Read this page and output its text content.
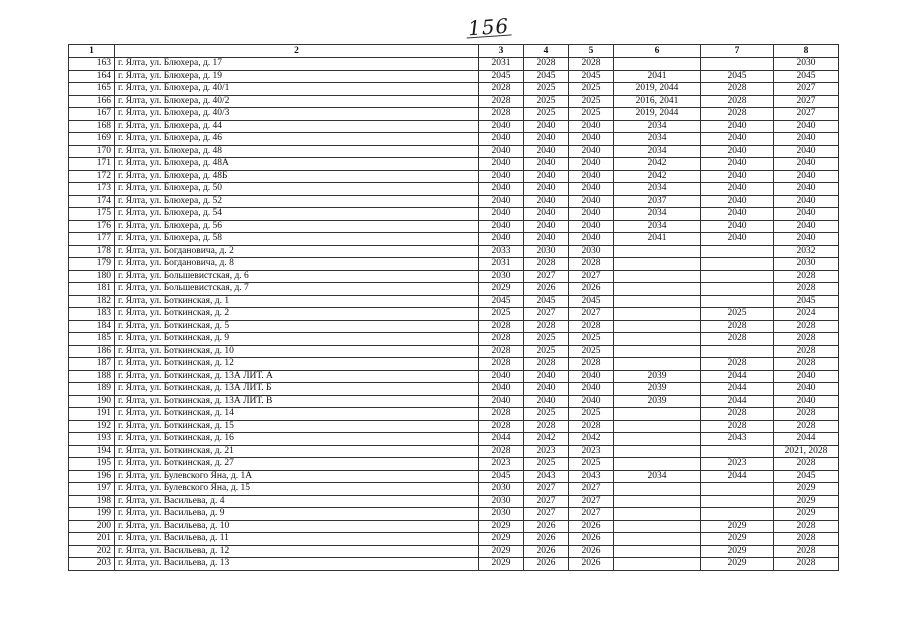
156
1	2	3	4	5	6	7	8
163	г. Ялта, ул. Блюхера, д. 17	2031	2028	2028			2030
164	г. Ялта, ул. Блюхера, д. 19	2045	2045	2045	2041	2045	2045
165	г. Ялта, ул. Блюхера, д. 40/1	2028	2025	2025	2019, 2044	2028	2027
166	г. Ялта, ул. Блюхера, д. 40/2	2028	2025	2025	2016, 2041	2028	2027
167	г. Ялта, ул. Блюхера, д. 40/3	2028	2025	2025	2019, 2044	2028	2027
168	г. Ялта, ул. Блюхера, д. 44	2040	2040	2040	2034	2040	2040
169	г. Ялта, ул. Блюхера, д. 46	2040	2040	2040	2034	2040	2040
170	г. Ялта, ул. Блюхера, д. 48	2040	2040	2040	2034	2040	2040
171	г. Ялта, ул. Блюхера, д. 48А	2040	2040	2040	2042	2040	2040
172	г. Ялта, ул. Блюхера, д. 48Б	2040	2040	2040	2042	2040	2040
173	г. Ялта, ул. Блюхера, д. 50	2040	2040	2040	2034	2040	2040
174	г. Ялта, ул. Блюхера, д. 52	2040	2040	2040	2037	2040	2040
175	г. Ялта, ул. Блюхера, д. 54	2040	2040	2040	2034	2040	2040
176	г. Ялта, ул. Блюхера, д. 56	2040	2040	2040	2034	2040	2040
177	г. Ялта, ул. Блюхера, д. 58	2040	2040	2040	2041	2040	2040
178	г. Ялта, ул. Богдановича, д. 2	2033	2030	2030			2032
179	г. Ялта, ул. Богдановича, д. 8	2031	2028	2028			2030
180	г. Ялта, ул. Большевистская, д. 6	2030	2027	2027			2028
181	г. Ялта, ул. Большевистская, д. 7	2029	2026	2026			2028
182	г. Ялта, ул. Боткинская, д. 1	2045	2045	2045			2045
183	г. Ялта, ул. Боткинская, д. 2	2025	2027	2027		2025	2024
184	г. Ялта, ул. Боткинская, д. 5	2028	2028	2028		2028	2028
185	г. Ялта, ул. Боткинская, д. 9	2028	2025	2025		2028	2028
186	г. Ялта, ул. Боткинская, д. 10	2028	2025	2025			2028
187	г. Ялта, ул. Боткинская, д. 12	2028	2028	2028		2028	2028
188	г. Ялта, ул. Боткинская, д. 13А ЛИТ. А	2040	2040	2040	2039	2044	2040
189	г. Ялта, ул. Боткинская, д. 13А ЛИТ. Б	2040	2040	2040	2039	2044	2040
190	г. Ялта, ул. Боткинская, д. 13А ЛИТ. В	2040	2040	2040	2039	2044	2040
191	г. Ялта, ул. Боткинская, д. 14	2028	2025	2025		2028	2028
192	г. Ялта, ул. Боткинская, д. 15	2028	2028	2028		2028	2028
193	г. Ялта, ул. Боткинская, д. 16	2044	2042	2042		2043	2044
194	г. Ялта, ул. Боткинская, д. 21	2028	2023	2023			2021, 2028
195	г. Ялта, ул. Боткинская, д. 27	2023	2025	2025		2023	2028
196	г. Ялта, ул. Булевского Яна, д. 1А	2045	2043	2043	2034	2044	2045
197	г. Ялта, ул. Булевского Яна, д. 15	2030	2027	2027			2029
198	г. Ялта, ул. Васильева, д. 4	2030	2027	2027			2029
199	г. Ялта, ул. Васильева, д. 9	2030	2027	2027			2029
200	г. Ялта, ул. Васильева, д. 10	2029	2026	2026		2029	2028
201	г. Ялта, ул. Васильева, д. 11	2029	2026	2026		2029	2028
202	г. Ялта, ул. Васильева, д. 12	2029	2026	2026		2029	2028
203	г. Ялта, ул. Васильева, д. 13	2029	2026	2026		2029	2028
